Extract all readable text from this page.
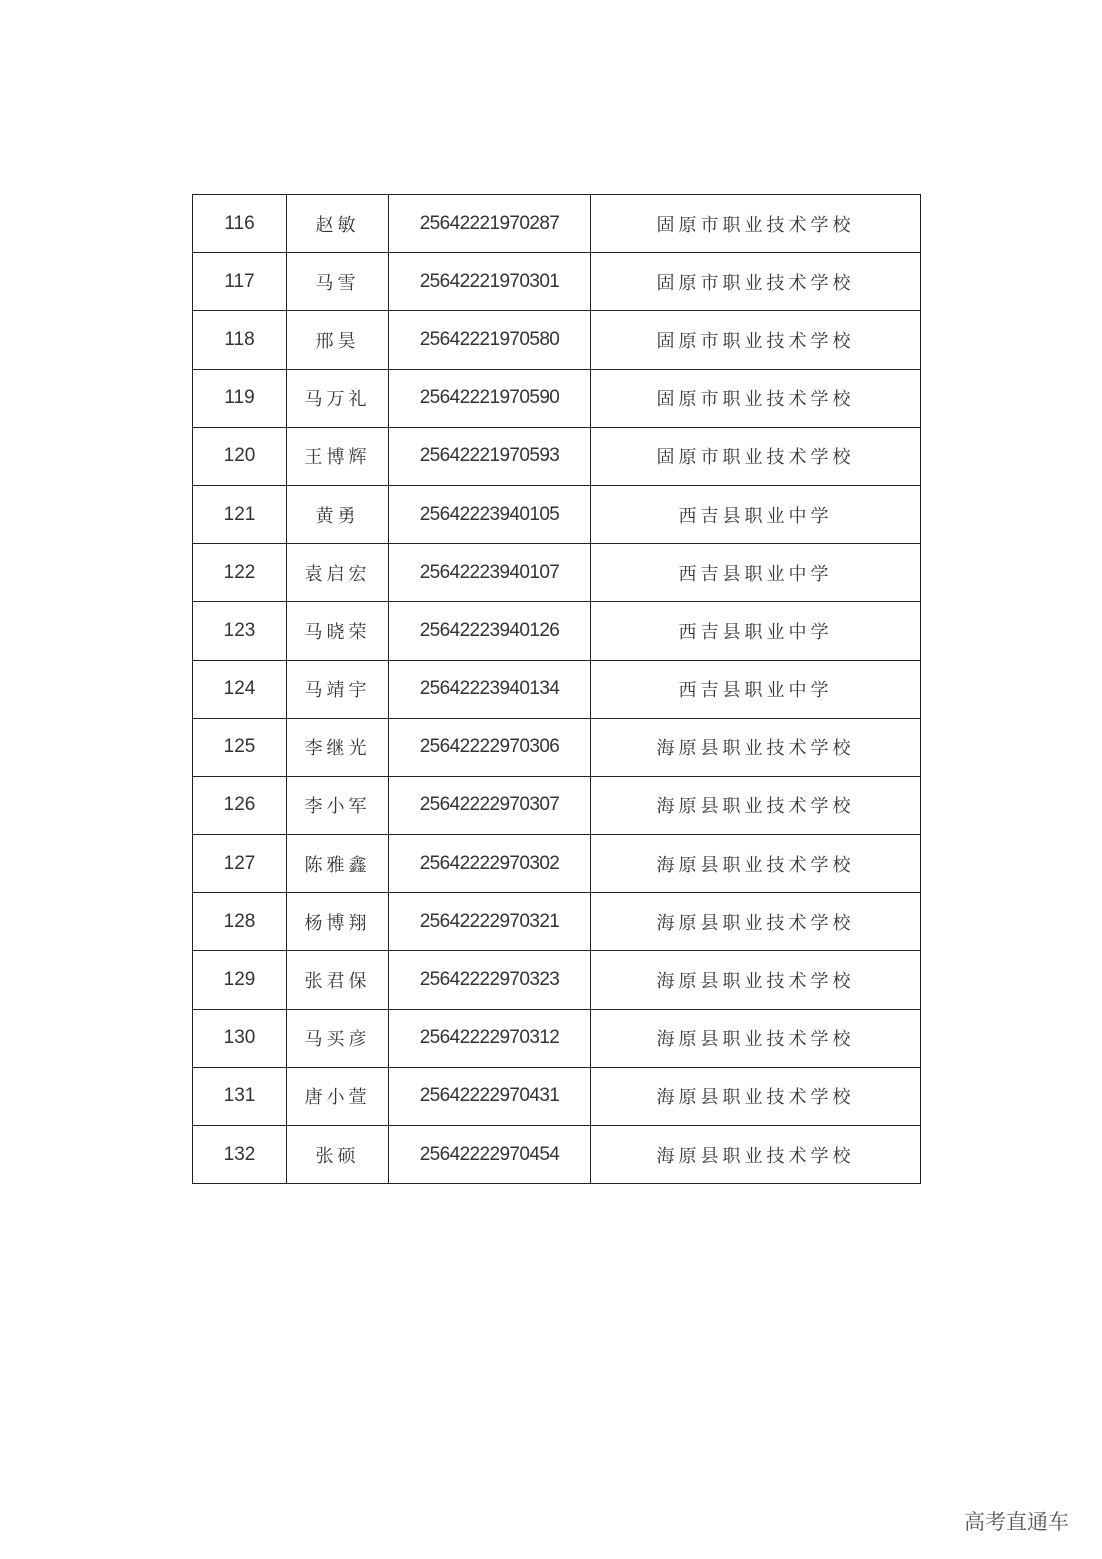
116	赵敏	25642221970287	固原市职业技术学校
117	马雪	25642221970301	固原市职业技术学校
118	邢昊	25642221970580	固原市职业技术学校
119	马万礼	25642221970590	固原市职业技术学校
120	王博辉	25642221970593	固原市职业技术学校
121	黄勇	25642223940105	西吉县职业中学
122	袁启宏	25642223940107	西吉县职业中学
123	马晓荣	25642223940126	西吉县职业中学
124	马靖宇	25642223940134	西吉县职业中学
125	李继光	25642222970306	海原县职业技术学校
126	李小军	25642222970307	海原县职业技术学校
127	陈雅鑫	25642222970302	海原县职业技术学校
128	杨博翔	25642222970321	海原县职业技术学校
129	张君保	25642222970323	海原县职业技术学校
130	马买彦	25642222970312	海原县职业技术学校
131	唐小萱	25642222970431	海原县职业技术学校
132	张硕	25642222970454	海原县职业技术学校
高考直通车
